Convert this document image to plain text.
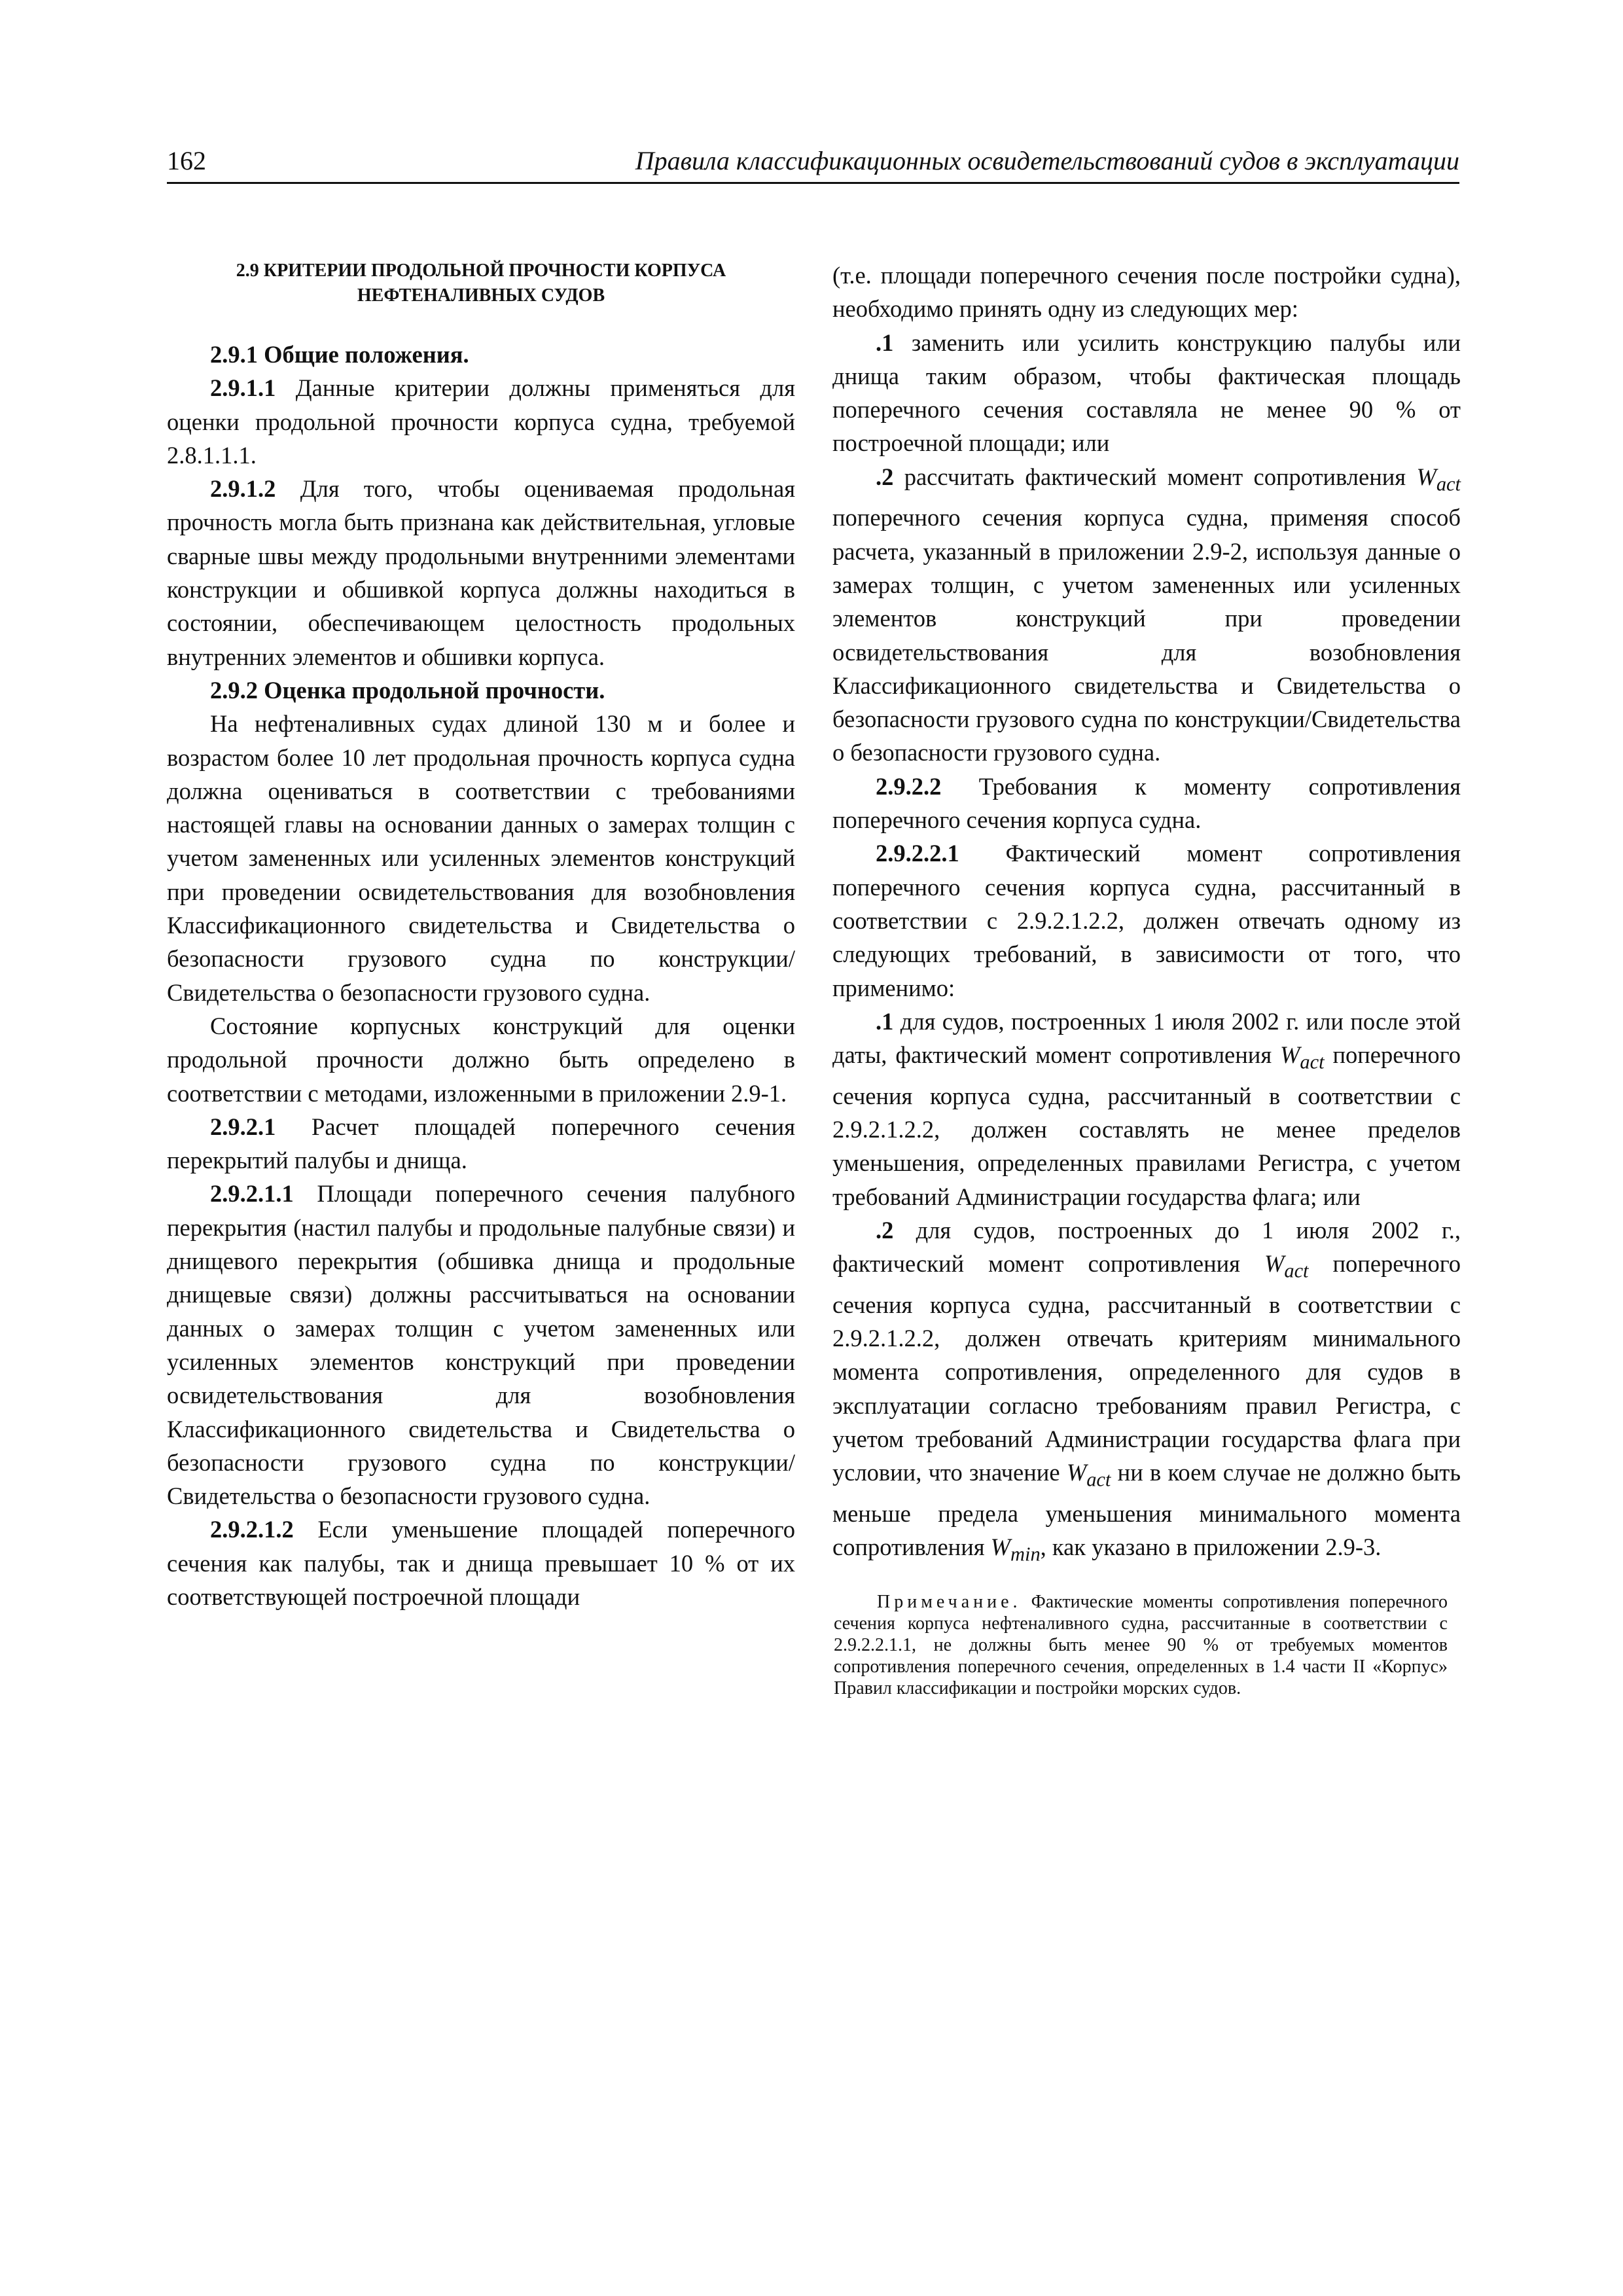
162	Правила классификационных освидетельствований судов в эксплуатации

2.9 КРИТЕРИИ ПРОДОЛЬНОЙ ПРОЧНОСТИ КОРПУСА
НЕФТЕНАЛИВНЫХ СУДОВ

2.9.1 Общие положения.

2.9.1.1 Данные критерии должны применяться для оценки продольной прочности корпуса судна, требуемой 2.8.1.1.1.

2.9.1.2 Для того, чтобы оцениваемая продольная прочность могла быть признана как действительная, угловые сварные швы между продольными внутренними элементами конструкции и обшивкой корпуса должны находиться в состоянии, обеспечивающем целостность продольных внутренних элементов и обшивки корпуса.

2.9.2 Оценка продольной прочности.

На нефтеналивных судах длиной 130 м и более и возрастом более 10 лет продольная прочность корпуса судна должна оцениваться в соответствии с требованиями настоящей главы на основании данных о замерах толщин с учетом замененных или усиленных элементов конструкций при проведении освидетельствования для возобновления Классификационного свидетельства и Свидетельства о безопасности грузового судна по конструкции/ Свидетельства о безопасности грузового судна.

Состояние корпусных конструкций для оценки продольной прочности должно быть определено в соответствии с методами, изложенными в приложении 2.9-1.

2.9.2.1 Расчет площадей поперечного сечения перекрытий палубы и днища.

2.9.2.1.1 Площади поперечного сечения палубного перекрытия (настил палубы и продольные палубные связи) и днищевого перекрытия (обшивка днища и продольные днищевые связи) должны рассчитываться на основании данных о замерах толщин с учетом замененных или усиленных элементов конструкций при проведении освидетельствования для возобновления Классификационного свидетельства и Свидетельства о безопасности грузового судна по конструкции/ Свидетельства о безопасности грузового судна.

2.9.2.1.2 Если уменьшение площадей поперечного сечения как палубы, так и днища превышает 10 % от их соответствующей построечной площади

(т.е. площади поперечного сечения после постройки судна), необходимо принять одну из следующих мер:

.1 заменить или усилить конструкцию палубы или днища таким образом, чтобы фактическая площадь поперечного сечения составляла не менее 90 % от построечной площади; или

.2 рассчитать фактический момент сопротивления $W_{act}$ поперечного сечения корпуса судна, применяя способ расчета, указанный в приложении 2.9-2, используя данные о замерах толщин, с учетом замененных или усиленных элементов конструкций при проведении освидетельствования для возобновления Классификационного свидетельства и Свидетельства о безопасности грузового судна по конструкции/Свидетельства о безопасности грузового судна.

2.9.2.2 Требования к моменту сопротивления поперечного сечения корпуса судна.

2.9.2.2.1 Фактический момент сопротивления поперечного сечения корпуса судна, рассчитанный в соответствии с 2.9.2.1.2.2, должен отвечать одному из следующих требований, в зависимости от того, что применимо:

.1 для судов, построенных 1 июля 2002 г. или после этой даты, фактический момент сопротивления $W_{act}$ поперечного сечения корпуса судна, рассчитанный в соответствии с 2.9.2.1.2.2, должен составлять не менее пределов уменьшения, определенных правилами Регистра, с учетом требований Администрации государства флага; или

.2 для судов, построенных до 1 июля 2002 г., фактический момент сопротивления $W_{act}$ поперечного сечения корпуса судна, рассчитанный в соответствии с 2.9.2.1.2.2, должен отвечать критериям минимального момента сопротивления, определенного для судов в эксплуатации согласно требованиям правил Регистра, с учетом требований Администрации государства флага при условии, что значение $W_{act}$ ни в коем случае не должно быть меньше предела уменьшения минимального момента сопротивления $W_{min}$, как указано в приложении 2.9-3.

Примечание. Фактические моменты сопротивления поперечного сечения корпуса нефтеналивного судна, рассчитанные в соответствии с 2.9.2.2.1.1, не должны быть менее 90 % от требуемых моментов сопротивления поперечного сечения, определенных в 1.4 части II «Корпус» Правил классификации и постройки морских судов.
